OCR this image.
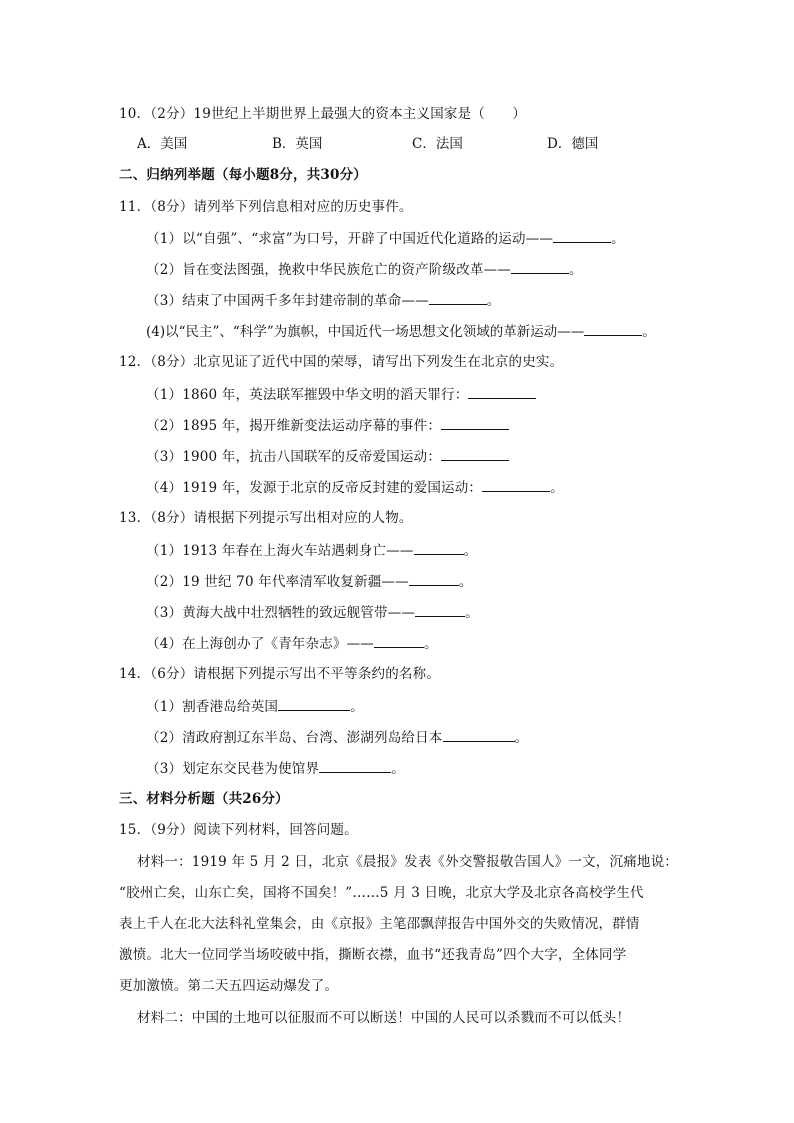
10．（2分）19世纪上半期世界上最强大的资本主义国家是（　　）
A．美国	B．英国	C．法国	D．德国
二、归纳列举题（每小题8分，共30分）
11．（8分）请列举下列信息相对应的历史事件。
（1）以“自强”、“求富”为口号，开辟了中国近代化道路的运动——	。
（2）旨在变法图强，挽救中华民族危亡的资产阶级改革——	。
（3）结束了中国两千多年封建帝制的革命——	。
(4)以“民主”、“科学”为旗帜，中国近代一场思想文化领域的革新运动——	。
12．（8分）北京见证了近代中国的荣辱，请写出下列发生在北京的史实。
（1）1860 年，英法联军摧毁中华文明的滔天罪行：
（2）1895 年，揭开维新变法运动序幕的事件：
（3）1900 年，抗击八国联军的反帝爱国运动：
（4）1919 年，发源于北京的反帝反封建的爱国运动：	。
13．（8分）请根据下列提示写出相对应的人物。
（1）1913 年春在上海火车站遇刺身亡——	。
（2）19 世纪 70 年代率清军收复新疆——	。
（3）黄海大战中壮烈牺牲的致远舰管带——	。
（4）在上海创办了《青年杂志》——	。
14．（6分）请根据下列提示写出不平等条约的名称。
（1）割香港岛给英国	。
（2）清政府割辽东半岛、台湾、澎湖列岛给日本	。
（3）划定东交民巷为使馆界	。
三、材料分析题（共26分）
15．（9分）阅读下列材料，回答问题。
材料一：1919 年 5 月 2 日，北京《晨报》发表《外交警报敬告国人》一文，沉痛地说：
“胶州亡矣，山东亡矣，国将不国矣！”……5 月 3 日晚，北京大学及北京各高校学生代
表上千人在北大法科礼堂集会，由《京报》主笔邵飘萍报告中国外交的失败情况，群情
激愤。北大一位同学当场咬破中指，撕断衣襟，血书“还我青岛”四个大字，全体同学
更加激愤。第二天五四运动爆发了。
材料二：中国的土地可以征服而不可以断送！中国的人民可以杀戮而不可以低头！
